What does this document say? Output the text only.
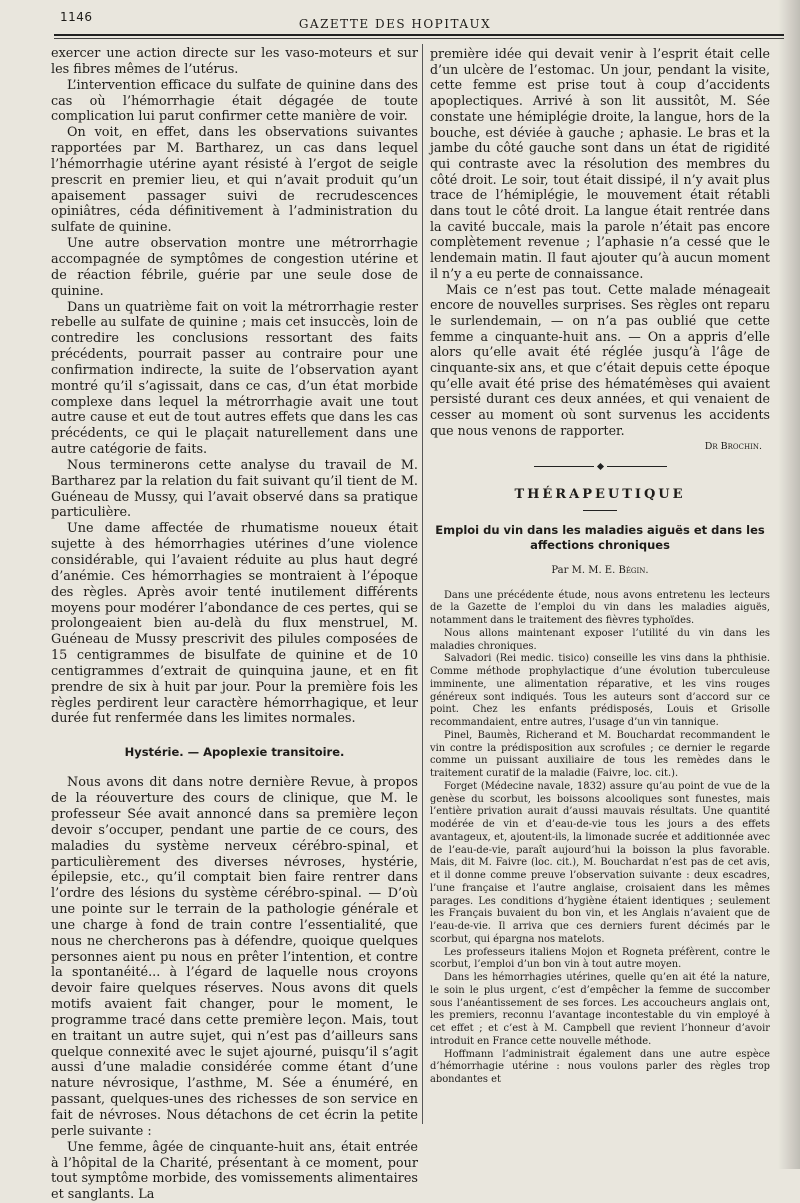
1146	GAZETTE DES HOPITAUX

exercer une action directe sur les vaso-moteurs et sur les fibres mêmes de l’utérus.

L’intervention efficace du sulfate de quinine dans des cas où l’hémorrhagie était dégagée de toute complication lui parut confirmer cette manière de voir.

On voit, en effet, dans les observations suivantes rapportées par M. Bartharez, un cas dans lequel l’hémorrhagie utérine ayant résisté à l’ergot de seigle prescrit en premier lieu, et qui n’avait produit qu’un apaisement passager suivi de recrudescences opiniâtres, céda définitivement à l’administration du sulfate de quinine.

Une autre observation montre une métrorrhagie accompagnée de symptômes de congestion utérine et de réaction fébrile, guérie par une seule dose de quinine.

Dans un quatrième fait on voit la métrorrhagie rester rebelle au sulfate de quinine ; mais cet insuccès, loin de contredire les conclusions ressortant des faits précédents, pourrait passer au contraire pour une confirmation indirecte, la suite de l’observation ayant montré qu’il s’agissait, dans ce cas, d’un état morbide complexe dans lequel la métrorrhagie avait une tout autre cause et eut de tout autres effets que dans les cas précédents, ce qui le plaçait naturellement dans une autre catégorie de faits.

Nous terminerons cette analyse du travail de M. Bartharez par la relation du fait suivant qu’il tient de M. Guéneau de Mussy, qui l’avait observé dans sa pratique particulière.

Une dame affectée de rhumatisme noueux était sujette à des hémorrhagies utérines d’une violence considérable, qui l’avaient réduite au plus haut degré d’anémie. Ces hémorrhagies se montraient à l’époque des règles. Après avoir tenté inutilement différents moyens pour modérer l’abondance de ces pertes, qui se prolongeaient bien au-delà du flux menstruel, M. Guéneau de Mussy prescrivit des pilules composées de 15 centigrammes de bisulfate de quinine et de 10 centigrammes d’extrait de quinquina jaune, et en fit prendre de six à huit par jour. Pour la première fois les règles perdirent leur caractère hémorrhagique, et leur durée fut renfermée dans les limites normales.

Hystérie. — Apoplexie transitoire.

Nous avons dit dans notre dernière Revue, à propos de la réouverture des cours de clinique, que M. le professeur Sée avait annoncé dans sa première leçon devoir s’occuper, pendant une partie de ce cours, des maladies du système nerveux cérébro-spinal, et particulièrement des diverses névroses, hystérie, épilepsie, etc., qu’il comptait bien faire rentrer dans l’ordre des lésions du système cérébro-spinal. — D’où une pointe sur le terrain de la pathologie générale et une charge à fond de train contre l’essentialité, que nous ne chercherons pas à défendre, quoique quelques personnes aient pu nous en prêter l’intention, et contre la spontanéité... à l’égard de laquelle nous croyons devoir faire quelques réserves. Nous avons dit quels motifs avaient fait changer, pour le moment, le programme tracé dans cette première leçon. Mais, tout en traitant un autre sujet, qui n’est pas d’ailleurs sans quelque connexité avec le sujet ajourné, puisqu’il s’agit aussi d’une maladie considérée comme étant d’une nature névrosique, l’asthme, M. Sée a énuméré, en passant, quelques-unes des richesses de son service en fait de névroses. Nous détachons de cet écrin la petite perle suivante :

Une femme, âgée de cinquante-huit ans, était entrée à l’hôpital de la Charité, présentant à ce moment, pour tout symptôme morbide, des vomissements alimentaires et sanglants. La

première idée qui devait venir à l’esprit était celle d’un ulcère de l’estomac. Un jour, pendant la visite, cette femme est prise tout à coup d’accidents apoplectiques. Arrivé à son lit aussitôt, M. Sée constate une hémiplégie droite, la langue, hors de la bouche, est déviée à gauche ; aphasie. Le bras et la jambe du côté gauche sont dans un état de rigidité qui contraste avec la résolution des membres du côté droit. Le soir, tout était dissipé, il n’y avait plus trace de l’hémiplégie, le mouvement était rétabli dans tout le côté droit. La langue était rentrée dans la cavité buccale, mais la parole n’était pas encore complètement revenue ; l’aphasie n’a cessé que le lendemain matin. Il faut ajouter qu’à aucun moment il n’y a eu perte de connaissance.

Mais ce n’est pas tout. Cette malade ménageait encore de nouvelles surprises. Ses règles ont reparu le surlendemain, — on n’a pas oublié que cette femme a cinquante-huit ans. — On a appris d’elle alors qu’elle avait été réglée jusqu’à l’âge de cinquante-six ans, et que c’était depuis cette époque qu’elle avait été prise des hématémèses qui avaient persisté durant ces deux années, et qui venaient de cesser au moment où sont survenus les accidents que nous venons de rapporter.

Dr Brochin.
THÉRAPEUTIQUE
Emploi du vin dans les maladies aiguës et dans les affections chroniques
Par M. M. E. Bégin.

Dans une précédente étude, nous avons entretenu les lecteurs de la Gazette de l’emploi du vin dans les maladies aiguës, notamment dans le traitement des fièvres typhoïdes.

Nous allons maintenant exposer l’utilité du vin dans les maladies chroniques.

Salvadori (Rei medic. tisico) conseille les vins dans la phthisie. Comme méthode prophylactique d’une évolution tuberculeuse imminente, une alimentation réparative, et les vins rouges généreux sont indiqués. Tous les auteurs sont d’accord sur ce point. Chez les enfants prédisposés, Louis et Grisolle recommandaient, entre autres, l’usage d’un vin tannique.

Pinel, Baumès, Richerand et M. Bouchardat recommandent le vin contre la prédisposition aux scrofules ; ce dernier le regarde comme un puissant auxiliaire de tous les remèdes dans le traitement curatif de la maladie (Faivre, loc. cit.).

Forget (Médecine navale, 1832) assure qu’au point de vue de la genèse du scorbut, les boissons alcooliques sont funestes, mais l’entière privation aurait d’aussi mauvais résultats. Une quantité modérée de vin et d’eau-de-vie tous les jours a des effets avantageux, et, ajoutent-ils, la limonade sucrée et additionnée avec de l’eau-de-vie, paraît aujourd’hui la boisson la plus favorable. Mais, dit M. Faivre (loc. cit.), M. Bouchardat n’est pas de cet avis, et il donne comme preuve l’observation suivante : deux escadres, l’une française et l’autre anglaise, croisaient dans les mêmes parages. Les conditions d’hygiène étaient identiques ; seulement les Français buvaient du bon vin, et les Anglais n’avaient que de l’eau-de-vie. Il arriva que ces derniers furent décimés par le scorbut, qui épargna nos matelots.

Les professeurs italiens Mojon et Rogneta préfèrent, contre le scorbut, l’emploi d’un bon vin à tout autre moyen.

Dans les hémorrhagies utérines, quelle qu’en ait été la nature, le soin le plus urgent, c’est d’empêcher la femme de succomber sous l’anéantissement de ses forces. Les accoucheurs anglais ont, les premiers, reconnu l’avantage incontestable du vin employé à cet effet ; et c’est à M. Campbell que revient l’honneur d’avoir introduit en France cette nouvelle méthode.

Hoffmann l’administrait également dans une autre espèce d’hémorrhagie utérine : nous voulons parler des règles trop abondantes et
